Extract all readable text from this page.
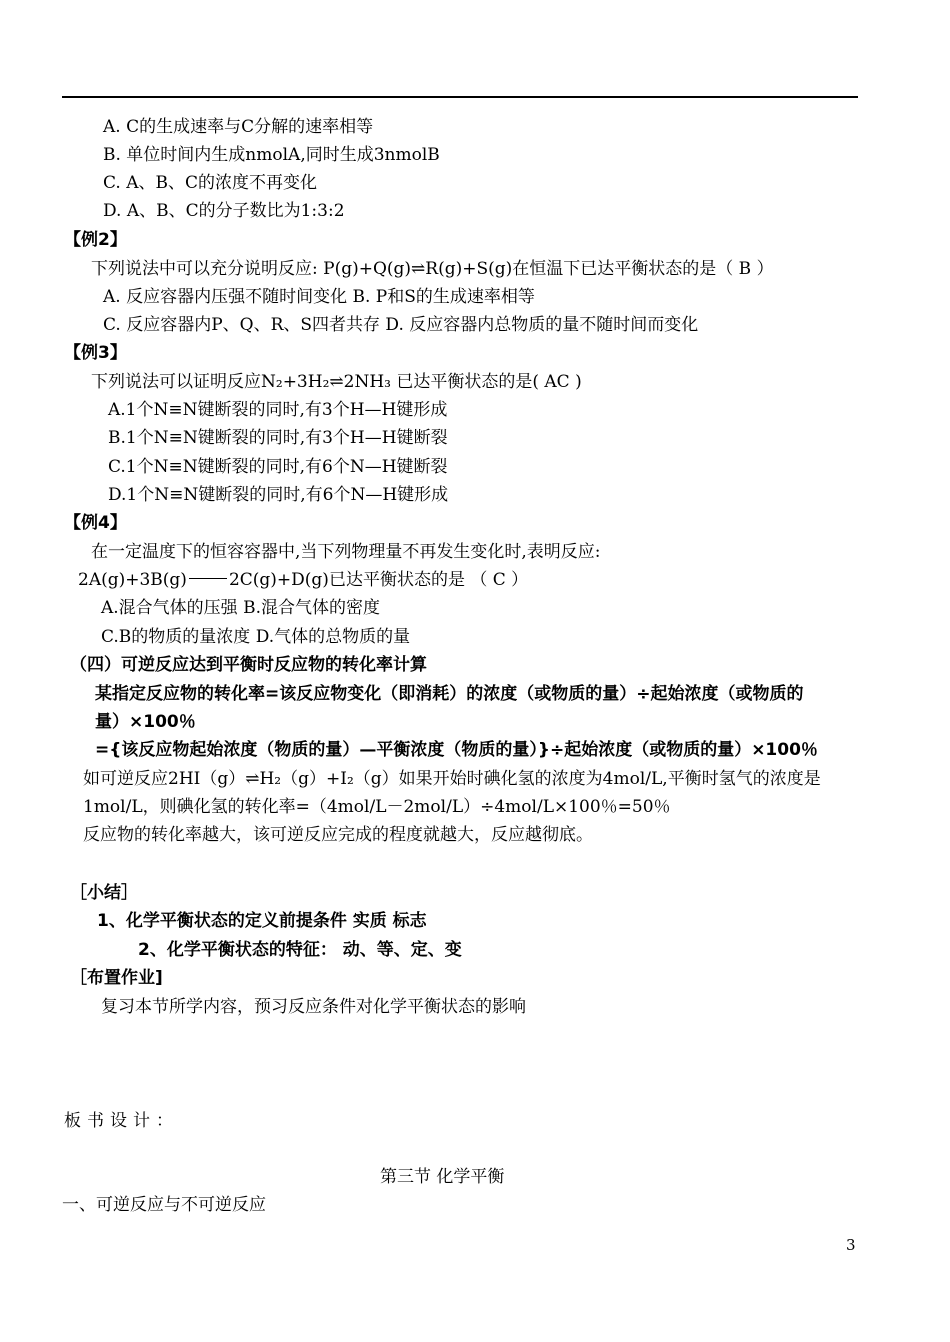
A. C的生成速率与C分解的速率相等
B. 单位时间内生成nmolA,同时生成3nmolB
C. A、B、C的浓度不再变化
D. A、B、C的分子数比为1:3:2
【例2】
下列说法中可以充分说明反应: P(g)+Q(g)⇌R(g)+S(g)在恒温下已达平衡状态的是（ B ）
A. 反应容器内压强不随时间变化 B. P和S的生成速率相等
C. 反应容器内P、Q、R、S四者共存 D. 反应容器内总物质的量不随时间而变化
【例3】
下列说法可以证明反应N₂+3H₂⇌2NH₃ 已达平衡状态的是( AC )
A.1个N≡N键断裂的同时,有3个H—H键形成
B.1个N≡N键断裂的同时,有3个H—H键断裂
C.1个N≡N键断裂的同时,有6个N—H键断裂
D.1个N≡N键断裂的同时,有6个N—H键形成
【例4】
在一定温度下的恒容容器中,当下列物理量不再发生变化时,表明反应:
2A(g)+3B(g) 2C(g)+D(g)已达平衡状态的是 （ C ）
A.混合气体的压强 B.混合气体的密度
C.B的物质的量浓度 D.气体的总物质的量
（四）可逆反应达到平衡时反应物的转化率计算
某指定反应物的转化率=该反应物变化（即消耗）的浓度（或物质的量）÷起始浓度（或物质的
量）×100％
={该反应物起始浓度（物质的量）—平衡浓度（物质的量）}÷起始浓度（或物质的量）×100％
如可逆反应2HI（g）⇌H₂（g）+I₂（g）如果开始时碘化氢的浓度为4mol/L,平衡时氢气的浓度是
1mol/L，则碘化氢的转化率=（4mol/L－2mol/L）÷4mol/L×100％=50％
反应物的转化率越大，该可逆反应完成的程度就越大，反应越彻底。
［小结］
1、化学平衡状态的定义前提条件 实质 标志
2、化学平衡状态的特征： 动、等、定、变
［布置作业]
复习本节所学内容，预习反应条件对化学平衡状态的影响
板书设计：
第三节 化学平衡
一、可逆反应与不可逆反应
3
